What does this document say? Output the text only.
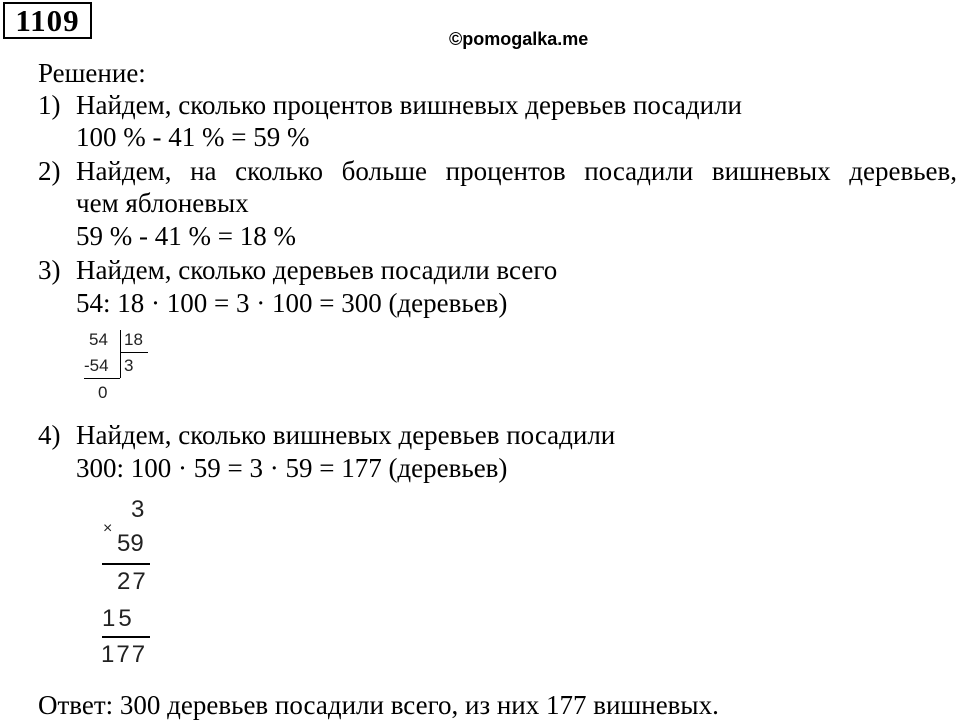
1109
©pomogalka.me
Решение:
1) Найдем, сколько процентов вишневых деревьев посадили
100 % - 41 % = 59 %
2) Найдем, на сколько больше процентов посадили вишневых деревьев,
чем яблоневых
59 % - 41 % = 18 %
3) Найдем, сколько деревьев посадили всего
54: 18 · 100 = 3 · 100 = 300 (деревьев)
54 18
-54 3
0
4) Найдем, сколько вишневых деревьев посадили
300: 100 · 59 = 3 · 59 = 177 (деревьев)
3
×
59
27
15
177
Ответ: 300 деревьев посадили всего, из них 177 вишневых.
